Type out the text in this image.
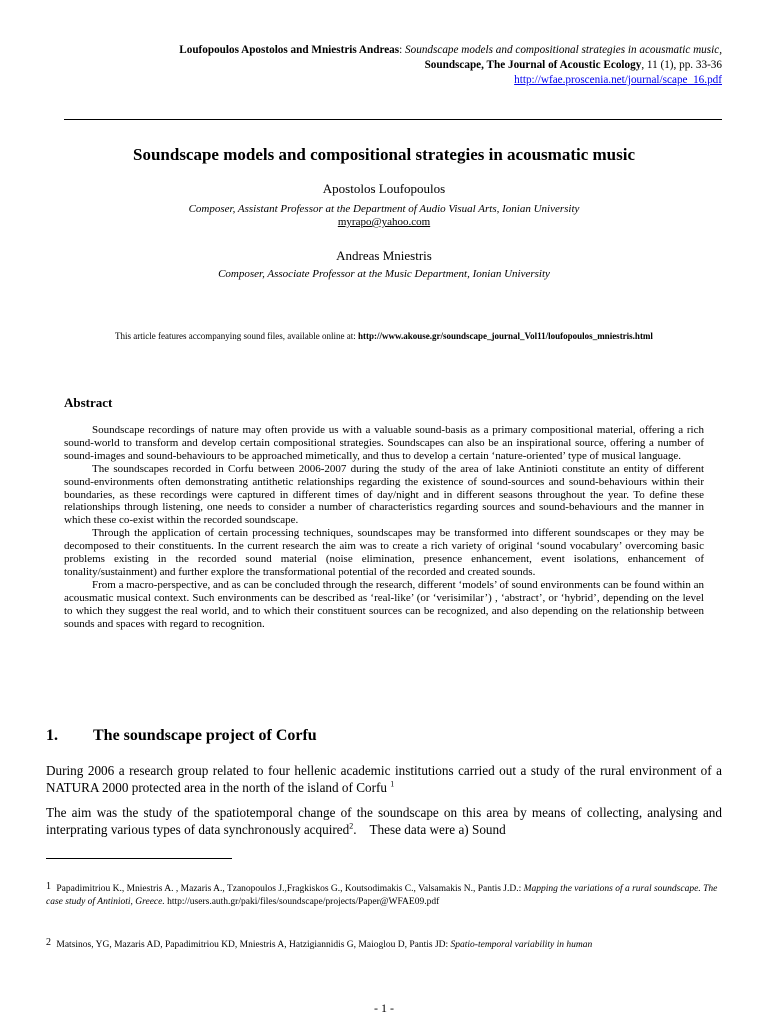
Loufopoulos Apostolos and Mniestris Andreas: Soundscape models and compositional strategies in acousmatic music,
Soundscape, The Journal of Acoustic Ecology, 11 (1), pp. 33-36
http://wfae.proscenia.net/journal/scape_16.pdf
Soundscape models and compositional strategies in acousmatic music
Apostolos Loufopoulos
Composer, Assistant Professor at the Department of Audio Visual Arts, Ionian University
myrapo@yahoo.com
Andreas Mniestris
Composer, Associate Professor at the Music Department, Ionian University
This article features accompanying sound files, available online at: http://www.akouse.gr/soundscape_journal_Vol11/loufopoulos_mniestris.html
Abstract

Soundscape recordings of nature may often provide us with a valuable sound-basis as a primary compositional material, offering a rich sound-world to transform and develop certain compositional strategies. Soundscapes can also be an inspirational source, offering a number of sound-images and sound-behaviours to be approached mimetically, and thus to develop a certain ‘nature-oriented’ type of musical language.

The soundscapes recorded in Corfu between 2006-2007 during the study of the area of lake Antinioti constitute an entity of different sound-environments often demonstrating antithetic relationships regarding the existence of sound-sources and sound-behaviours within their boundaries, as these recordings were captured in different times of day/night and in different seasons throughout the year. To define these relationships through listening, one needs to consider a number of characteristics regarding sources and sound-behaviours and the manner in which these co-exist within the recorded soundscape.

Through the application of certain processing techniques, soundscapes may be transformed into different soundscapes or they may be decomposed to their constituents. In the current research the aim was to create a rich variety of original ‘sound vocabulary’ overcoming basic problems existing in the recorded sound material (noise elimination, presence enhancement, event isolations, enhancement of tonality/sustainment) and further explore the transformational potential of the recorded and created sounds.

From a macro-perspective, and as can be concluded through the research, different ‘models’ of sound environments can be found within an acousmatic musical context. Such environments can be described as ‘real-like’ (or ‘verisimilar’) , ‘abstract’, or ‘hybrid’, depending on the level to which they suggest the real world, and to which their constituent sources can be recognized, and also depending on the relationship between sounds and spaces with regard to recognition.

1. The soundscape project of Corfu

During 2006 a research group related to four hellenic academic institutions carried out a study of the rural environment of a NATURA 2000 protected area in the north of the island of Corfu $^1$

The aim was the study of the spatiotemporal change of the soundscape on this area by means of collecting, analysing and interprating various types of data synchronously acquired$^2$.    These data were a) Sound

1 Papadimitriou K., Mniestris A. , Mazaris A., Tzanopoulos J.,Fragkiskos G., Koutsodimakis C., Valsamakis N., Pantis J.D.: Mapping the variations of a rural soundscape. The case study of Antinioti, Greece. http://users.auth.gr/paki/files/soundscape/projects/Paper@WFAE09.pdf
2 Matsinos, YG, Mazaris AD, Papadimitriou KD, Mniestris A, Hatzigiannidis G, Maioglou D, Pantis JD: Spatio-temporal variability in human
- 1 -
